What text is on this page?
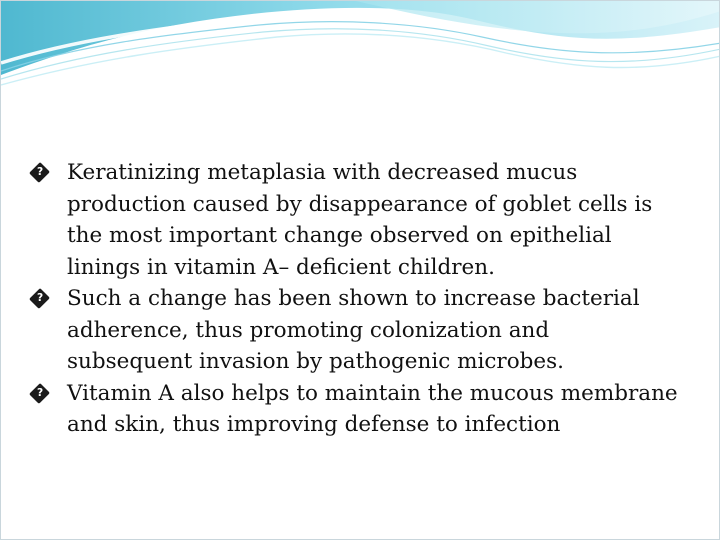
?
Keratinizing metaplasia with decreased mucus production caused by disappearance of goblet cells is the most important change observed on epithelial linings in vitamin A– deficient children.

?
Such a change has been shown to increase bacterial adherence, thus promoting colonization and subsequent invasion by pathogenic microbes.

?
Vitamin A also helps to maintain the mucous membrane and skin, thus improving defense to infection
